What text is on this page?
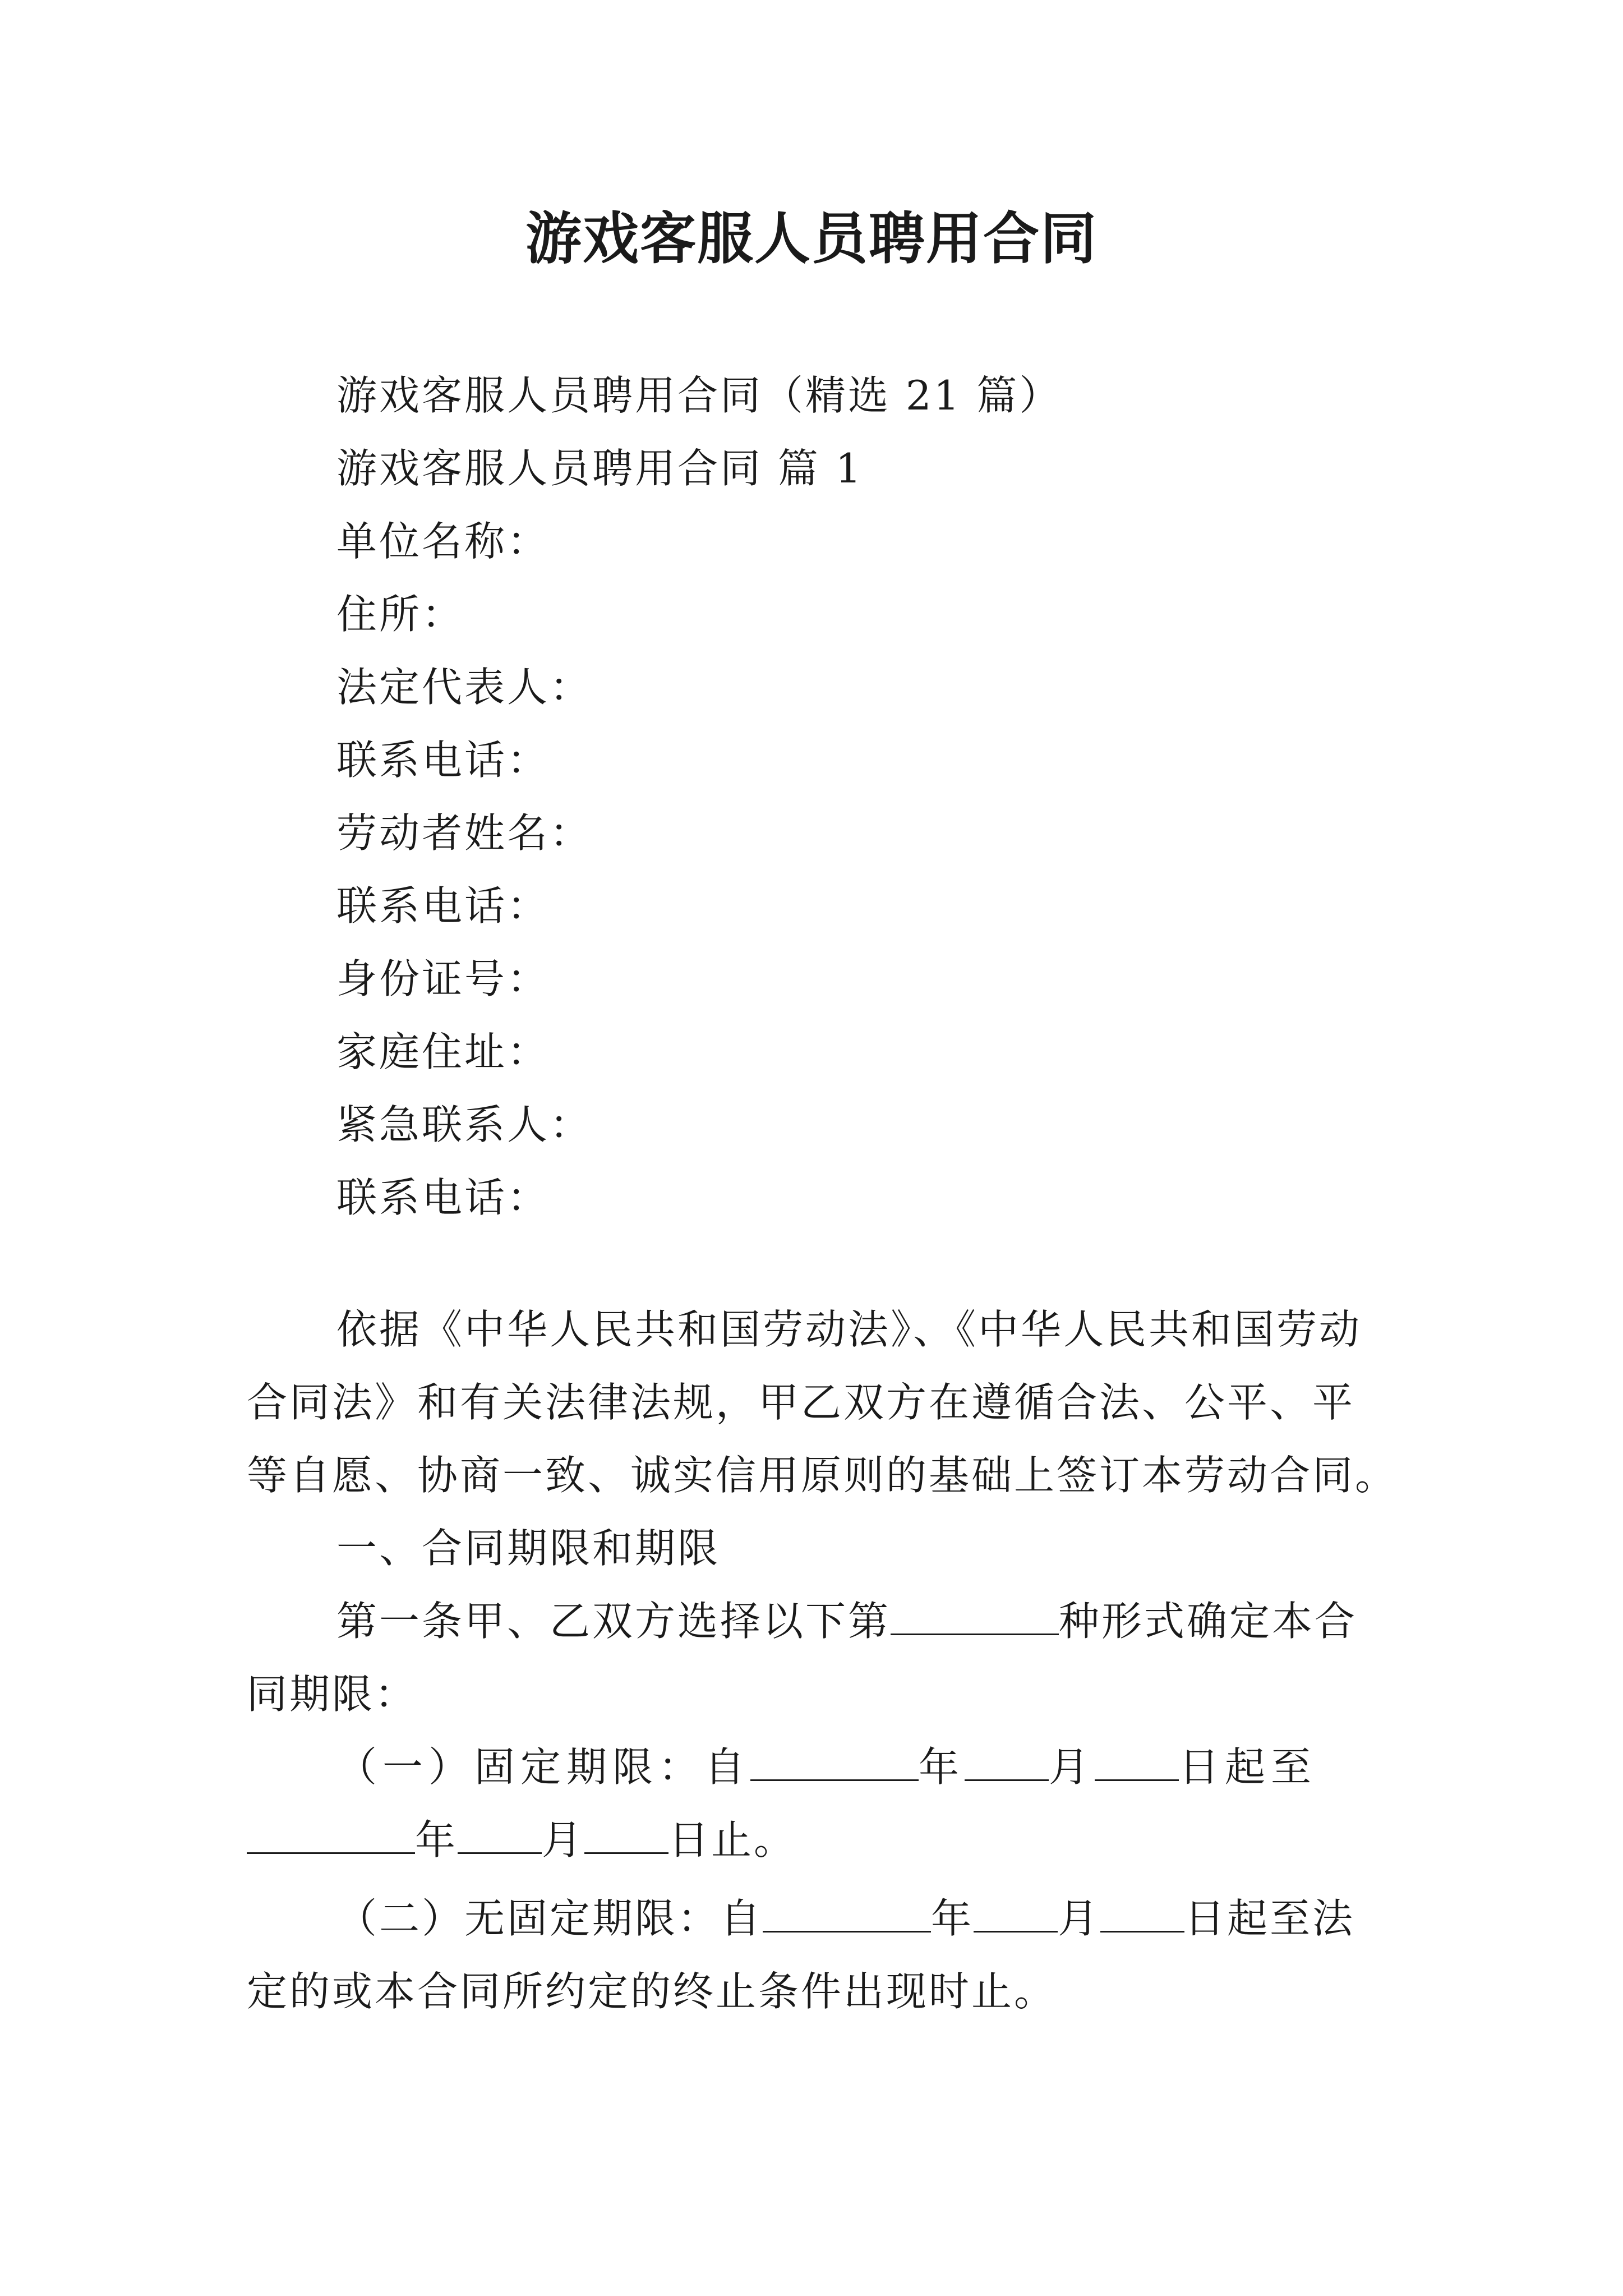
游戏客服人员聘用合同
游戏客服人员聘用合同（精选 21 篇）
游戏客服人员聘用合同 篇 1
单位名称：
住所：
法定代表人：
联系电话：
劳动者姓名：
联系电话：
身份证号：
家庭住址：
紧急联系人：
联系电话：
依据《中华人民共和国劳动法》、《中华人民共和国劳动
合同法》和有关法律法规，甲乙双方在遵循合法、公平、平
等自愿、协商一致、诚实信用原则的基础上签订本劳动合同。
一、合同期限和期限
第一条甲、乙双方选择以下第	种形式确定本合
同期限：
（一）固定期限：自	年 月 日起至
年 月 日止。
（二）无固定期限：自	年 月 日起至法
定的或本合同所约定的终止条件出现时止。
